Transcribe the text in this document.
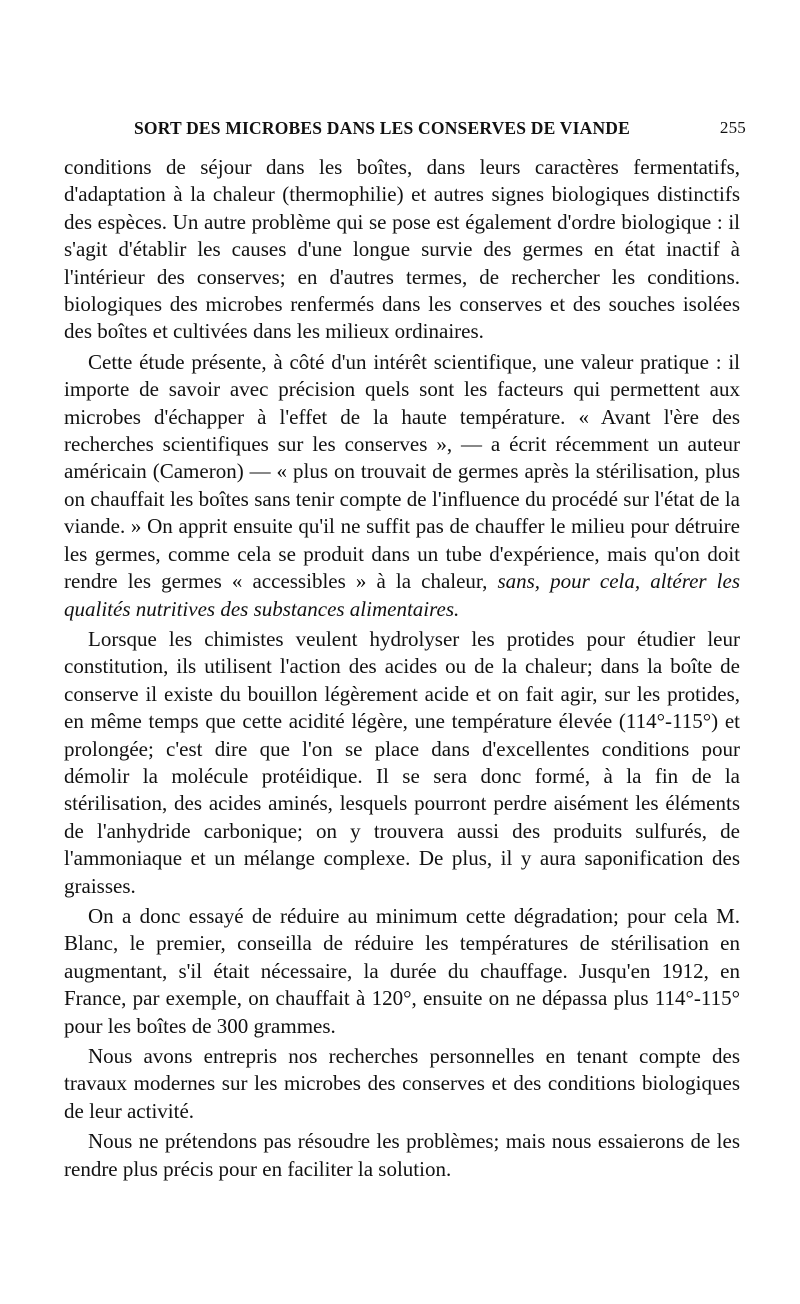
SORT DES MICROBES DANS LES CONSERVES DE VIANDE	255

conditions de séjour dans les boîtes, dans leurs caractères fermentatifs, d'adaptation à la chaleur (thermophilie) et autres signes biologiques distinctifs des espèces. Un autre problème qui se pose est également d'ordre biologique : il s'agit d'établir les causes d'une longue survie des germes en état inactif à l'intérieur des conserves; en d'autres termes, de rechercher les conditions. biologiques des microbes renfermés dans les conserves et des souches isolées des boîtes et cultivées dans les milieux ordinaires.

Cette étude présente, à côté d'un intérêt scientifique, une valeur pratique : il importe de savoir avec précision quels sont les facteurs qui permettent aux microbes d'échapper à l'effet de la haute température. « Avant l'ère des recherches scientifiques sur les conserves », — a écrit récemment un auteur américain (Cameron) — « plus on trouvait de germes après la stérilisation, plus on chauffait les boîtes sans tenir compte de l'influence du procédé sur l'état de la viande. » On apprit ensuite qu'il ne suffit pas de chauffer le milieu pour détruire les germes, comme cela se produit dans un tube d'expérience, mais qu'on doit rendre les germes « accessibles » à la chaleur, sans, pour cela, altérer les qualités nutritives des substances alimentaires.

Lorsque les chimistes veulent hydrolyser les protides pour étudier leur constitution, ils utilisent l'action des acides ou de la chaleur; dans la boîte de conserve il existe du bouillon légèrement acide et on fait agir, sur les protides, en même temps que cette acidité légère, une température élevée (114°-115°) et prolongée; c'est dire que l'on se place dans d'excellentes conditions pour démolir la molécule protéidique. Il se sera donc formé, à la fin de la stérilisation, des acides aminés, lesquels pourront perdre aisément les éléments de l'anhydride carbonique; on y trouvera aussi des produits sulfurés, de l'ammoniaque et un mélange complexe. De plus, il y aura saponification des graisses.

On a donc essayé de réduire au minimum cette dégradation; pour cela M. Blanc, le premier, conseilla de réduire les températures de stérilisation en augmentant, s'il était nécessaire, la durée du chauffage. Jusqu'en 1912, en France, par exemple, on chauffait à 120°, ensuite on ne dépassa plus 114°-115° pour les boîtes de 300 grammes.

Nous avons entrepris nos recherches personnelles en tenant compte des travaux modernes sur les microbes des conserves et des conditions biologiques de leur activité.

Nous ne prétendons pas résoudre les problèmes; mais nous essaierons de les rendre plus précis pour en faciliter la solution.
